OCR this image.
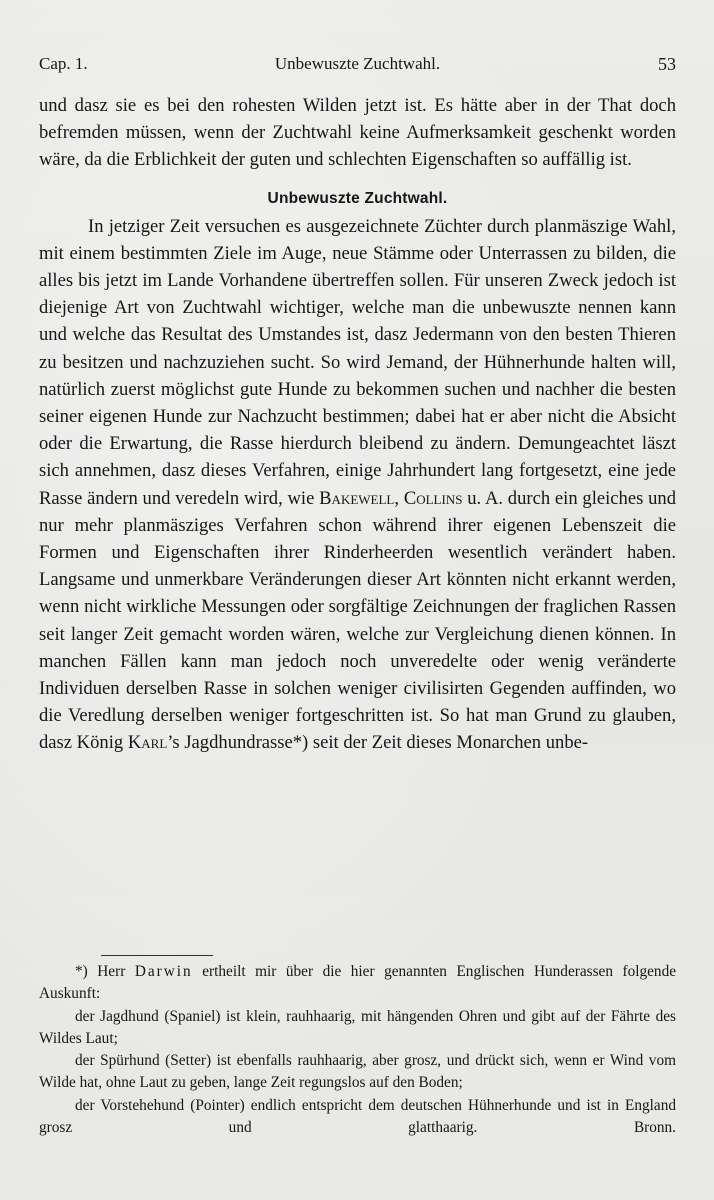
Cap. 1.	Unbewuszte Zuchtwahl.	53

und dasz sie es bei den rohesten Wilden jetzt ist. Es hätte aber in der That doch befremden müssen, wenn der Zuchtwahl keine Aufmerksamkeit geschenkt worden wäre, da die Erblichkeit der guten und schlechten Eigenschaften so auffällig ist.

Unbewuszte Zuchtwahl.

In jetziger Zeit versuchen es ausgezeichnete Züchter durch planmäszige Wahl, mit einem bestimmten Ziele im Auge, neue Stämme oder Unterrassen zu bilden, die alles bis jetzt im Lande Vorhandene übertreffen sollen. Für unseren Zweck jedoch ist diejenige Art von Zuchtwahl wichtiger, welche man die unbewuszte nennen kann und welche das Resultat des Umstandes ist, dasz Jedermann von den besten Thieren zu besitzen und nachzuziehen sucht. So wird Jemand, der Hühnerhunde halten will, natürlich zuerst möglichst gute Hunde zu bekommen suchen und nachher die besten seiner eigenen Hunde zur Nachzucht bestimmen; dabei hat er aber nicht die Absicht oder die Erwartung, die Rasse hierdurch bleibend zu ändern. Demungeachtet läszt sich annehmen, dasz dieses Verfahren, einige Jahrhundert lang fortgesetzt, eine jede Rasse ändern und veredeln wird, wie Bakewell, Collins u. A. durch ein gleiches und nur mehr planmäsziges Verfahren schon während ihrer eigenen Lebenszeit die Formen und Eigenschaften ihrer Rinderheerden wesentlich verändert haben. Langsame und unmerkbare Veränderungen dieser Art könnten nicht erkannt werden, wenn nicht wirkliche Messungen oder sorgfältige Zeichnungen der fraglichen Rassen seit langer Zeit gemacht worden wären, welche zur Vergleichung dienen können. In manchen Fällen kann man jedoch noch unveredelte oder wenig veränderte Individuen derselben Rasse in solchen weniger civilisirten Gegenden auffinden, wo die Veredlung derselben weniger fortgeschritten ist. So hat man Grund zu glauben, dasz König Karl’s Jagdhundrasse*) seit der Zeit dieses Monarchen unbe-

*) Herr Darwin ertheilt mir über die hier genannten Englischen Hunderassen folgende Auskunft:

der Jagdhund (Spaniel) ist klein, rauhhaarig, mit hängenden Ohren und gibt auf der Fährte des Wildes Laut;

der Spürhund (Setter) ist ebenfalls rauhhaarig, aber grosz, und drückt sich, wenn er Wind vom Wilde hat, ohne Laut zu geben, lange Zeit regungslos auf den Boden;

der Vorstehehund (Pointer) endlich entspricht dem deutschen Hühnerhunde und ist in England grosz und glatthaarig.	Bronn.
